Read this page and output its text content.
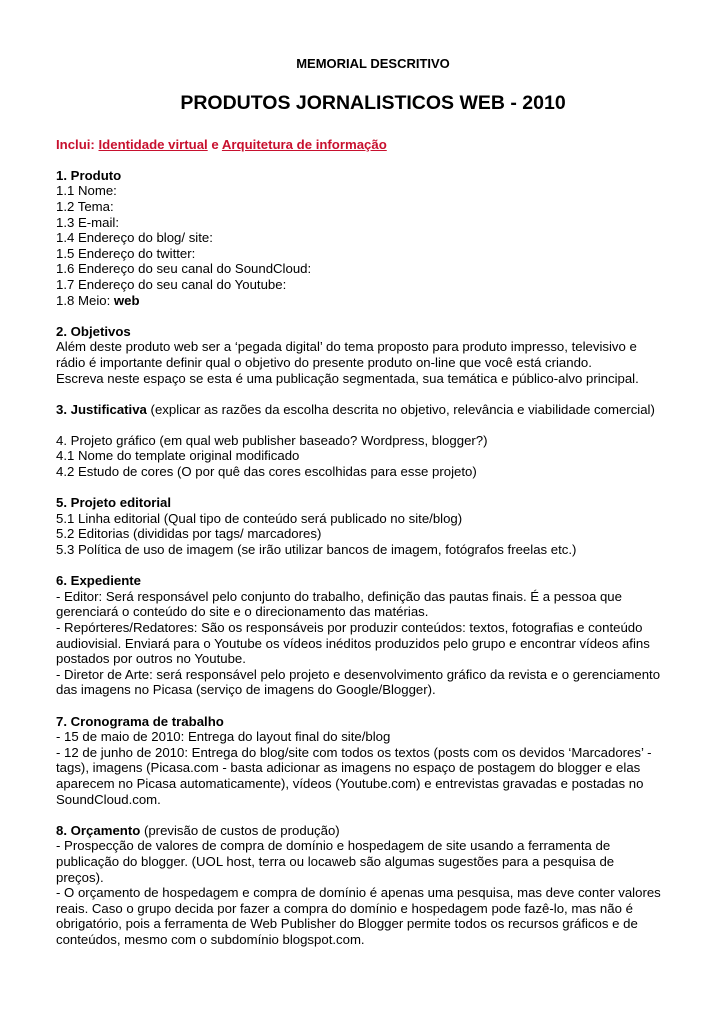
MEMORIAL DESCRITIVO

PRODUTOS JORNALISTICOS WEB - 2010

Inclui: Identidade virtual e Arquitetura de informação

1. Produto

1.1 Nome:

1.2 Tema:

1.3 E-mail:

1.4 Endereço do blog/ site:

1.5 Endereço do twitter:

1.6 Endereço do seu canal do SoundCloud:

1.7 Endereço do seu canal do Youtube:

1.8 Meio: web

2. Objetivos

Além deste produto web ser a ‘pegada digital’ do tema proposto para produto impresso, televisivo e

rádio é importante definir qual o objetivo do presente produto on-line que você está criando.

Escreva neste espaço se esta é uma publicação segmentada, sua temática e público-alvo principal.

3. Justificativa (explicar as razões da escolha descrita no objetivo, relevância e viabilidade comercial)

4. Projeto gráfico (em qual web publisher baseado? Wordpress, blogger?)

4.1 Nome do template original modificado

4.2 Estudo de cores (O por quê das cores escolhidas para esse projeto)

5. Projeto editorial

5.1 Linha editorial (Qual tipo de conteúdo será publicado no site/blog)

5.2 Editorias (divididas por tags/ marcadores)

5.3 Política de uso de imagem (se irão utilizar bancos de imagem, fotógrafos freelas etc.)

6. Expediente

- Editor: Será responsável pelo conjunto do trabalho, definição das pautas finais. É a pessoa que

gerenciará o conteúdo do site e o direcionamento das matérias.

- Repórteres/Redatores: São os responsáveis por produzir conteúdos: textos, fotografias e conteúdo

audiovisial. Enviará para o Youtube os vídeos inéditos produzidos pelo grupo e encontrar vídeos afins

postados por outros no Youtube.

- Diretor de Arte: será responsável pelo projeto e desenvolvimento gráfico da revista e o gerenciamento

das imagens no Picasa (serviço de imagens do Google/Blogger).

7. Cronograma de trabalho

- 15 de maio de 2010: Entrega do layout final do site/blog

- 12 de junho de 2010: Entrega do blog/site com todos os textos (posts com os devidos ‘Marcadores’ -

tags), imagens (Picasa.com - basta adicionar as imagens no espaço de postagem do blogger e elas

aparecem no Picasa automaticamente), vídeos (Youtube.com) e entrevistas gravadas e postadas no

SoundCloud.com.

8. Orçamento (previsão de custos de produção)

- Prospecção de valores de compra de domínio e hospedagem de site usando a ferramenta de

publicação do blogger. (UOL host, terra ou locaweb são algumas sugestões para a pesquisa de

preços).

- O orçamento de hospedagem e compra de domínio é apenas uma pesquisa, mas deve conter valores

reais. Caso o grupo decida por fazer a compra do domínio e hospedagem pode fazê-lo, mas não é

obrigatório, pois a ferramenta de Web Publisher do Blogger permite todos os recursos gráficos e de

conteúdos, mesmo com o subdomínio blogspot.com.
